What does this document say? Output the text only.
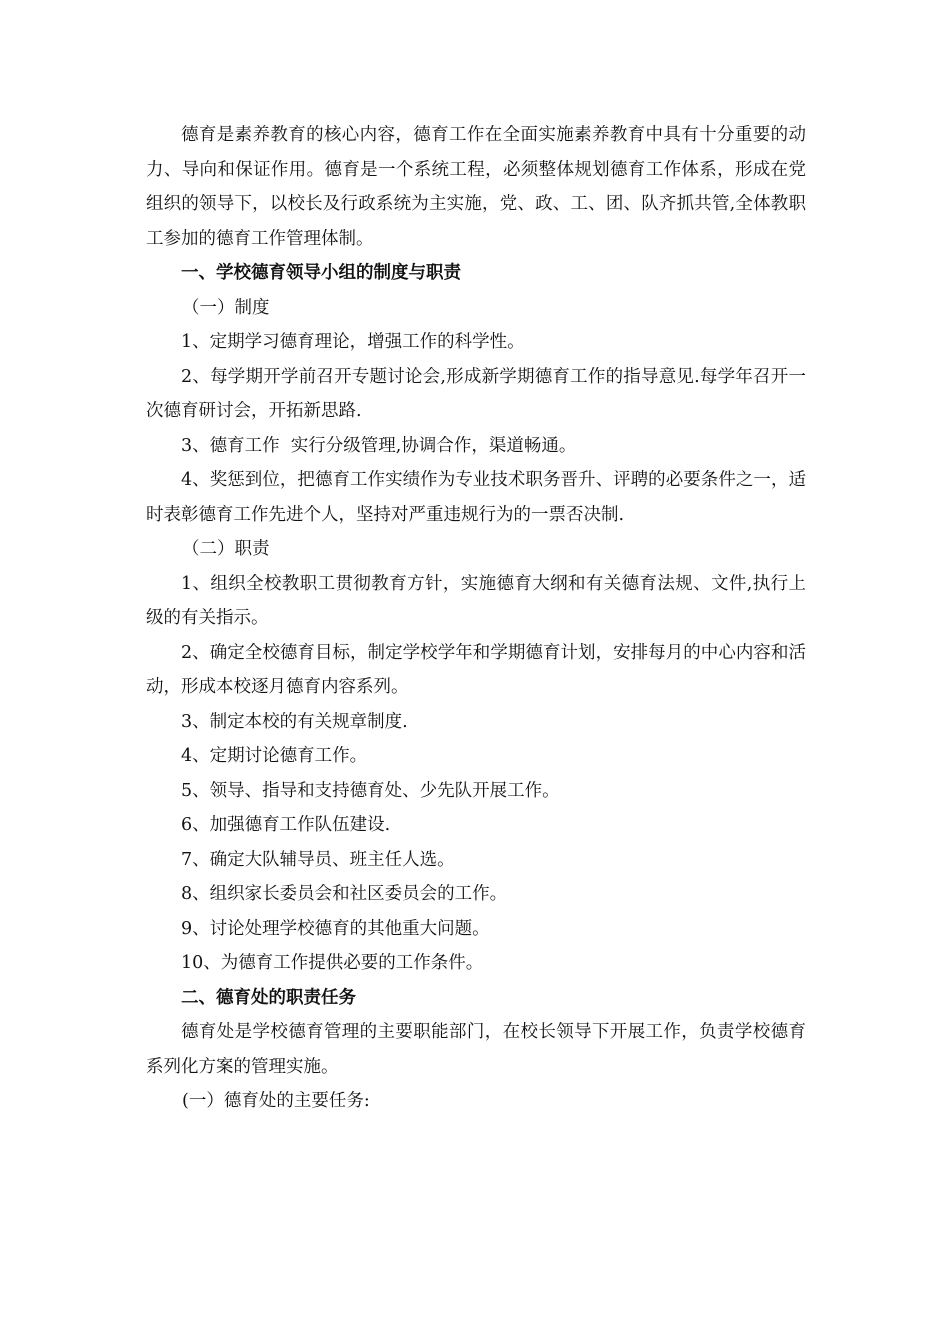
德育是素养教育的核心内容，德育工作在全面实施素养教育中具有十分重要的动力、导向和保证作用。德育是一个系统工程，必须整体规划德育工作体系，形成在党组织的领导下，以校长及行政系统为主实施，党、政、工、团、队齐抓共管,全体教职工参加的德育工作管理体制。

一、学校德育领导小组的制度与职责

（一）制度

1、定期学习德育理论，增强工作的科学性。

2、每学期开学前召开专题讨论会,形成新学期德育工作的指导意见.每学年召开一次德育研讨会，开拓新思路.

3、德育工作  实行分级管理,协调合作，渠道畅通。

4、奖惩到位，把德育工作实绩作为专业技术职务晋升、评聘的必要条件之一，适时表彰德育工作先进个人，坚持对严重违规行为的一票否决制.

（二）职责

1、组织全校教职工贯彻教育方针，实施德育大纲和有关德育法规、文件,执行上级的有关指示。

2、确定全校德育目标，制定学校学年和学期德育计划，安排每月的中心内容和活动，形成本校逐月德育内容系列。

3、制定本校的有关规章制度.

4、定期讨论德育工作。

5、领导、指导和支持德育处、少先队开展工作。

6、加强德育工作队伍建设.

7、确定大队辅导员、班主任人选。

8、组织家长委员会和社区委员会的工作。

9、讨论处理学校德育的其他重大问题。

10、为德育工作提供必要的工作条件。

二、德育处的职责任务

德育处是学校德育管理的主要职能部门，在校长领导下开展工作，负责学校德育系列化方案的管理实施。

(一）德育处的主要任务:
